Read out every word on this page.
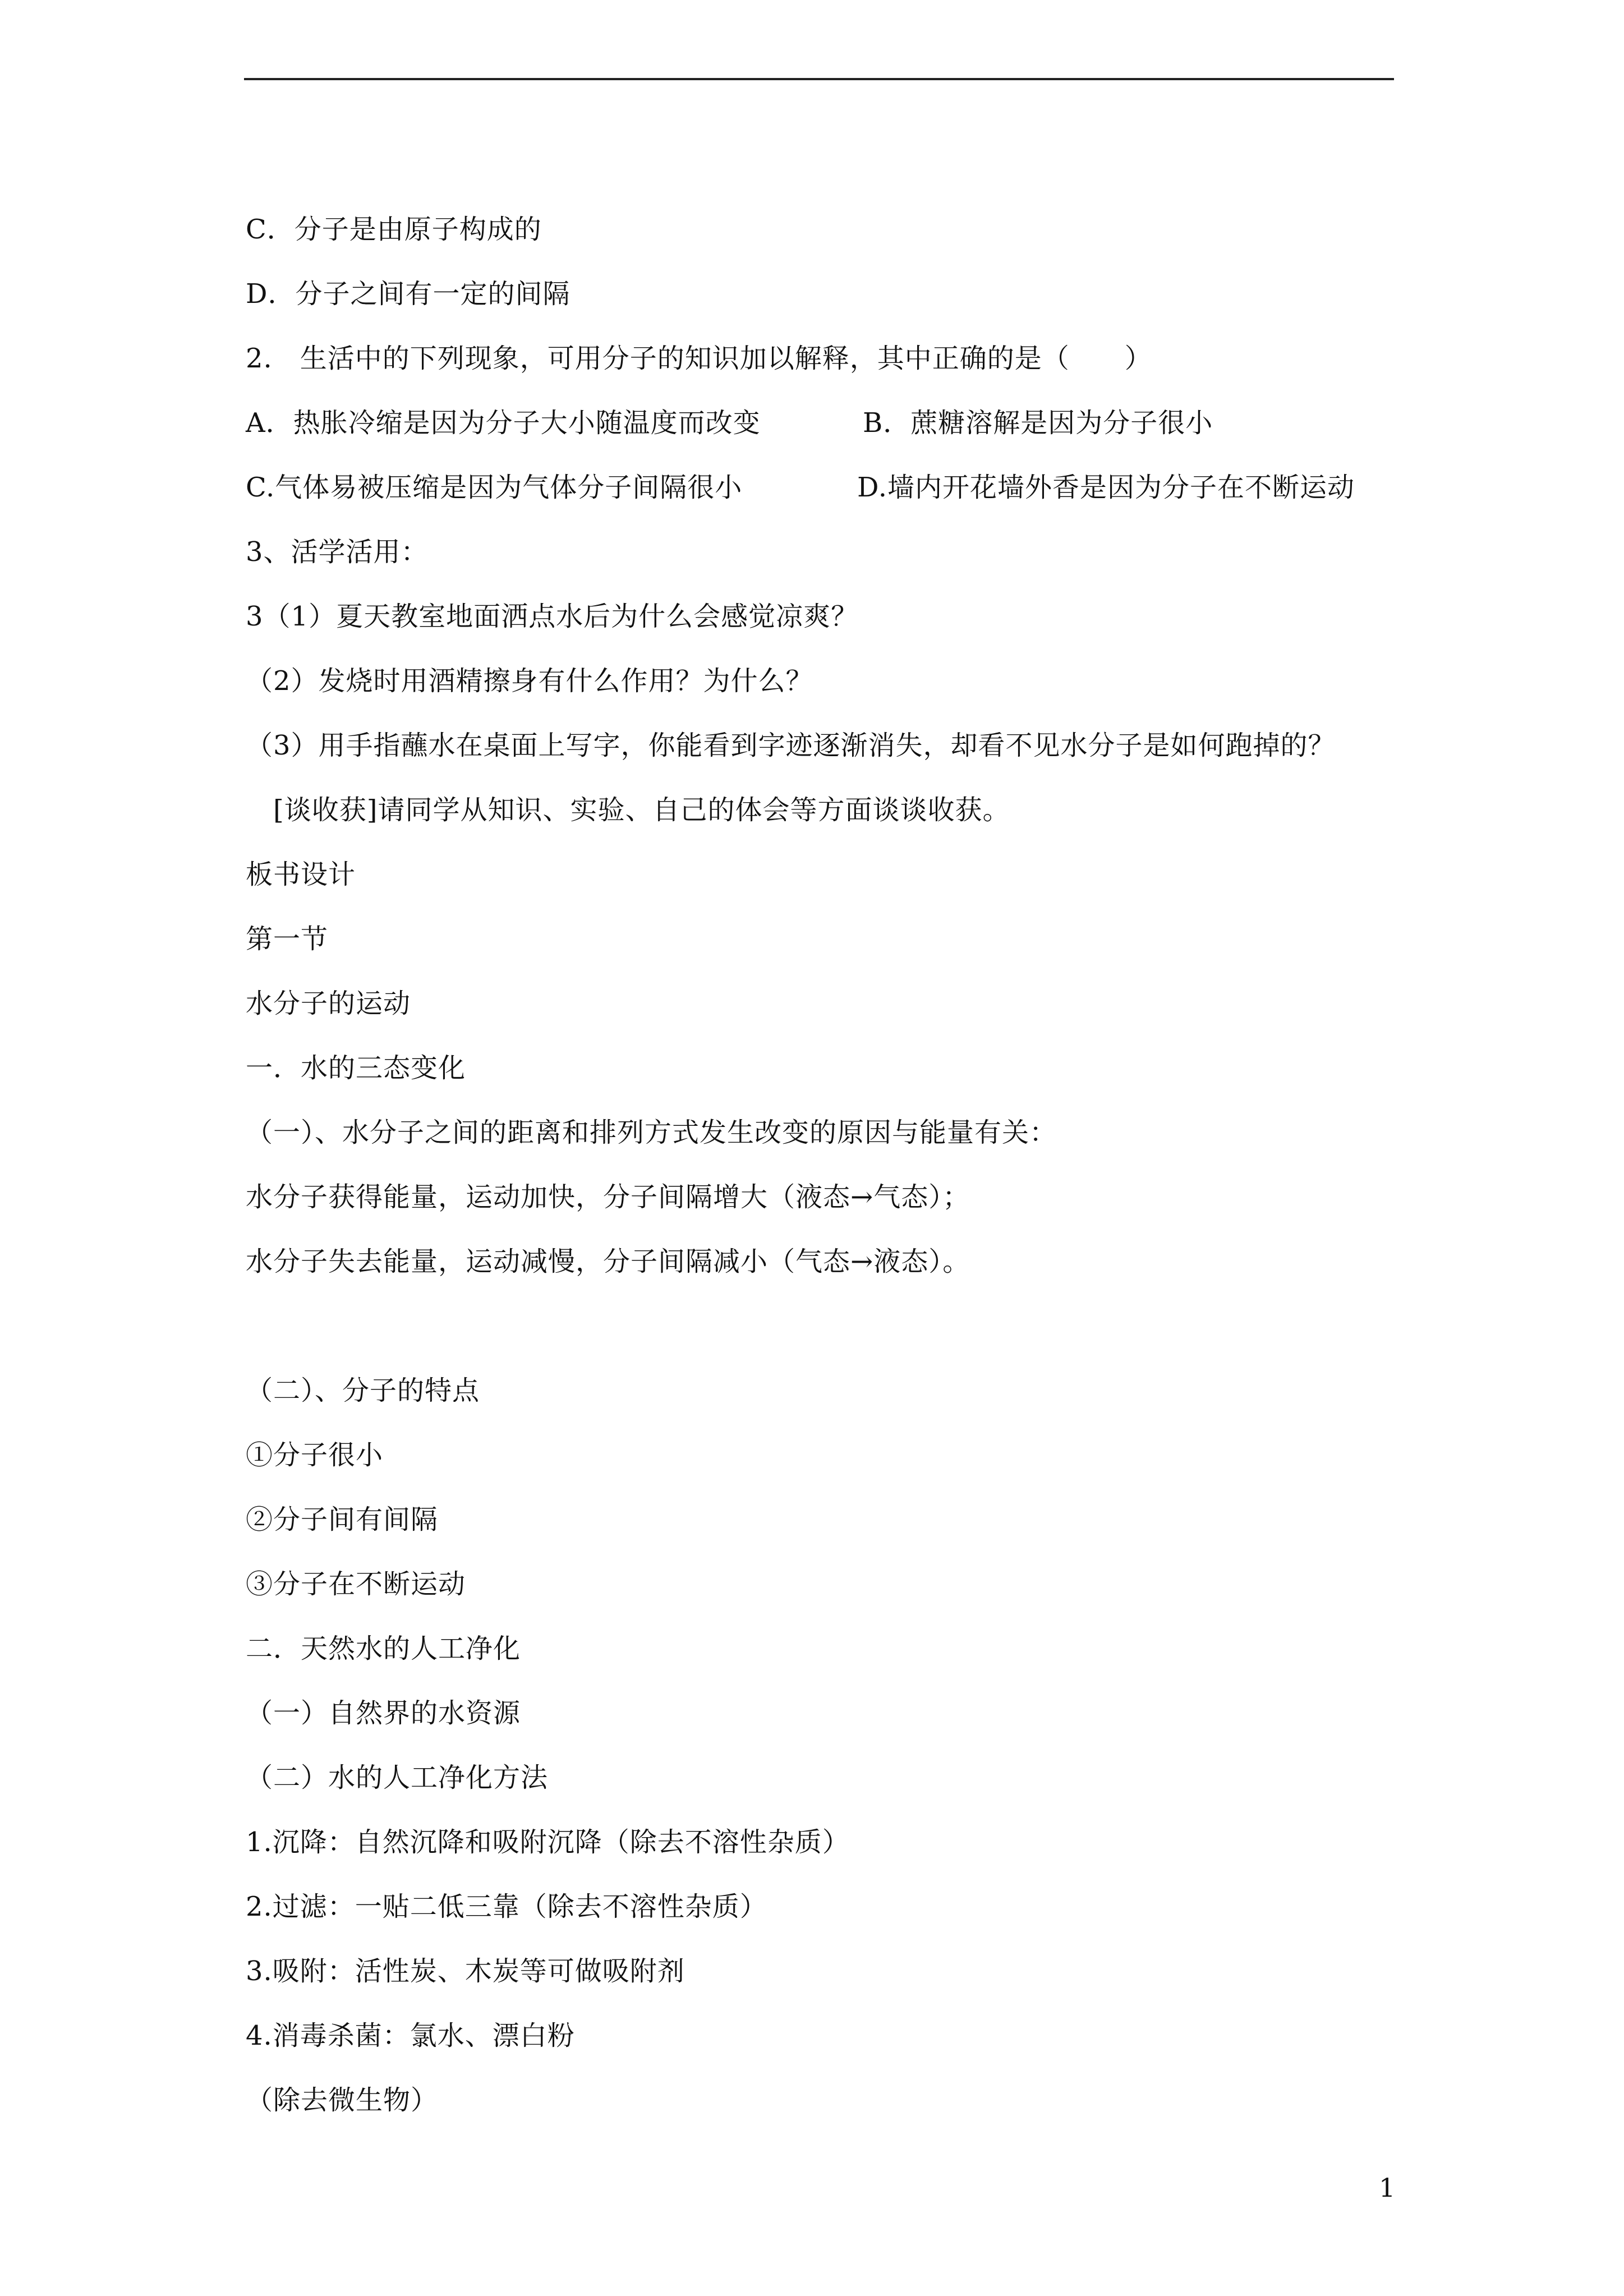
C．分子是由原子构成的
D．分子之间有一定的间隔
2.　生活中的下列现象，可用分子的知识加以解释，其中正确的是（　　）
A．热胀冷缩是因为分子大小随温度而改变	B．蔗糖溶解是因为分子很小
C.气体易被压缩是因为气体分子间隔很小	D.墙内开花墙外香是因为分子在不断运动
3、活学活用：
3（1）夏天教室地面洒点水后为什么会感觉凉爽？
（2）发烧时用酒精擦身有什么作用？为什么？
（3）用手指蘸水在桌面上写字，你能看到字迹逐渐消失，却看不见水分子是如何跑掉的？
　[谈收获]请同学从知识、实验、自己的体会等方面谈谈收获。
板书设计
第一节
水分子的运动
一．水的三态变化
（一）、水分子之间的距离和排列方式发生改变的原因与能量有关：
水分子获得能量，运动加快，分子间隔增大（液态→气态）；
水分子失去能量，运动减慢，分子间隔减小（气态→液态）。
（二）、分子的特点
①分子很小
②分子间有间隔
③分子在不断运动
二．天然水的人工净化
（一）自然界的水资源
（二）水的人工净化方法
1.沉降：自然沉降和吸附沉降（除去不溶性杂质）
2.过滤：一贴二低三靠（除去不溶性杂质）
3.吸附：活性炭、木炭等可做吸附剂
4.消毒杀菌：氯水、漂白粉
（除去微生物）
1
